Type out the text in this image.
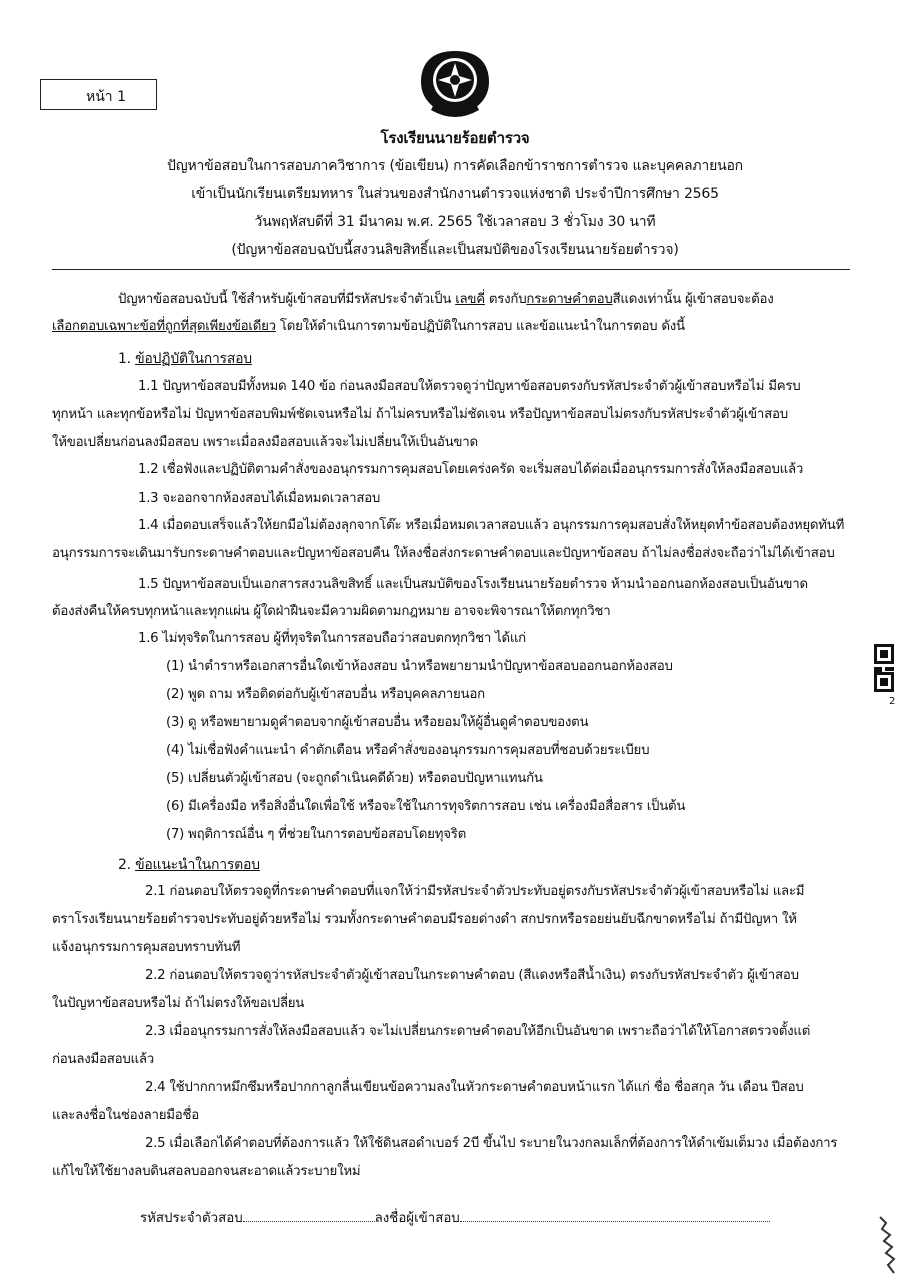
หน้า 1
โรงเรียนนายร้อยตำรวจ
ปัญหาข้อสอบในการสอบภาควิชาการ (ข้อเขียน) การคัดเลือกข้าราชการตำรวจ และบุคคลภายนอก
เข้าเป็นนักเรียนเตรียมทหาร ในส่วนของสำนักงานตำรวจแห่งชาติ ประจำปีการศึกษา 2565
วันพฤหัสบดีที่ 31 มีนาคม พ.ศ. 2565 ใช้เวลาสอบ 3 ชั่วโมง 30 นาที
(ปัญหาข้อสอบฉบับนี้สงวนลิขสิทธิ์และเป็นสมบัติของโรงเรียนนายร้อยตำรวจ)
ปัญหาข้อสอบฉบับนี้ ใช้สำหรับผู้เข้าสอบที่มีรหัสประจำตัวเป็น เลขคี่ ตรงกับกระดาษคำตอบสีแดงเท่านั้น ผู้เข้าสอบจะต้อง
เลือกตอบเฉพาะข้อที่ถูกที่สุดเพียงข้อเดียว โดยให้ดำเนินการตามข้อปฏิบัติในการสอบ และข้อแนะนำในการตอบ ดังนี้
1. ข้อปฏิบัติในการสอบ
1.1 ปัญหาข้อสอบมีทั้งหมด 140 ข้อ ก่อนลงมือสอบให้ตรวจดูว่าปัญหาข้อสอบตรงกับรหัสประจำตัวผู้เข้าสอบหรือไม่ มีครบ
ทุกหน้า และทุกข้อหรือไม่ ปัญหาข้อสอบพิมพ์ชัดเจนหรือไม่ ถ้าไม่ครบหรือไม่ชัดเจน หรือปัญหาข้อสอบไม่ตรงกับรหัสประจำตัวผู้เข้าสอบ
ให้ขอเปลี่ยนก่อนลงมือสอบ เพราะเมื่อลงมือสอบแล้วจะไม่เปลี่ยนให้เป็นอันขาด
1.2 เชื่อฟังและปฏิบัติตามคำสั่งของอนุกรรมการคุมสอบโดยเคร่งครัด จะเริ่มสอบได้ต่อเมื่ออนุกรรมการสั่งให้ลงมือสอบแล้ว
1.3 จะออกจากห้องสอบได้เมื่อหมดเวลาสอบ
1.4 เมื่อตอบเสร็จแล้วให้ยกมือไม่ต้องลุกจากโต๊ะ หรือเมื่อหมดเวลาสอบแล้ว อนุกรรมการคุมสอบสั่งให้หยุดทำข้อสอบต้องหยุดทันที
อนุกรรมการจะเดินมารับกระดาษคำตอบและปัญหาข้อสอบคืน ให้ลงชื่อส่งกระดาษคำตอบและปัญหาข้อสอบ ถ้าไม่ลงชื่อส่งจะถือว่าไม่ได้เข้าสอบ
1.5 ปัญหาข้อสอบเป็นเอกสารสงวนลิขสิทธิ์ และเป็นสมบัติของโรงเรียนนายร้อยตำรวจ ห้ามนำออกนอกห้องสอบเป็นอันขาด
ต้องส่งคืนให้ครบทุกหน้าและทุกแผ่น ผู้ใดฝ่าฝืนจะมีความผิดตามกฎหมาย อาจจะพิจารณาให้ตกทุกวิชา
1.6 ไม่ทุจริตในการสอบ ผู้ที่ทุจริตในการสอบถือว่าสอบตกทุกวิชา ได้แก่
(1) นำตำราหรือเอกสารอื่นใดเข้าห้องสอบ นำหรือพยายามนำปัญหาข้อสอบออกนอกห้องสอบ
(2) พูด ถาม หรือติดต่อกับผู้เข้าสอบอื่น หรือบุคคลภายนอก
(3) ดู หรือพยายามดูคำตอบจากผู้เข้าสอบอื่น หรือยอมให้ผู้อื่นดูคำตอบของตน
(4) ไม่เชื่อฟังคำแนะนำ คำตักเตือน หรือคำสั่งของอนุกรรมการคุมสอบที่ชอบด้วยระเบียบ
(5) เปลี่ยนตัวผู้เข้าสอบ (จะถูกดำเนินคดีด้วย) หรือตอบปัญหาแทนกัน
(6) มีเครื่องมือ หรือสิ่งอื่นใดเพื่อใช้ หรือจะใช้ในการทุจริตการสอบ เช่น เครื่องมือสื่อสาร เป็นต้น
(7) พฤติการณ์อื่น ๆ ที่ช่วยในการตอบข้อสอบโดยทุจริต
2. ข้อแนะนำในการตอบ
2.1 ก่อนตอบให้ตรวจดูที่กระดาษคำตอบที่แจกให้ว่ามีรหัสประจำตัวประทับอยู่ตรงกับรหัสประจำตัวผู้เข้าสอบหรือไม่ และมี
ตราโรงเรียนนายร้อยตำรวจประทับอยู่ด้วยหรือไม่ รวมทั้งกระดาษคำตอบมีรอยด่างดำ สกปรกหรือรอยย่นยับฉีกขาดหรือไม่ ถ้ามีปัญหา ให้
แจ้งอนุกรรมการคุมสอบทราบทันที
2.2 ก่อนตอบให้ตรวจดูว่ารหัสประจำตัวผู้เข้าสอบในกระดาษคำตอบ (สีแดงหรือสีน้ำเงิน) ตรงกับรหัสประจำตัว ผู้เข้าสอบ
ในปัญหาข้อสอบหรือไม่ ถ้าไม่ตรงให้ขอเปลี่ยน
2.3 เมื่ออนุกรรมการสั่งให้ลงมือสอบแล้ว จะไม่เปลี่ยนกระดาษคำตอบให้อีกเป็นอันขาด เพราะถือว่าได้ให้โอกาสตรวจตั้งแต่
ก่อนลงมือสอบแล้ว
2.4 ใช้ปากกาหมึกซึมหรือปากกาลูกลื่นเขียนข้อความลงในหัวกระดาษคำตอบหน้าแรก ได้แก่ ชื่อ ชื่อสกุล วัน เดือน ปีสอบ
และลงชื่อในช่องลายมือชื่อ
2.5 เมื่อเลือกได้คำตอบที่ต้องการแล้ว ให้ใช้ดินสอดำเบอร์ 2บี ขึ้นไป ระบายในวงกลมเล็กที่ต้องการให้ดำเข้มเต็มวง เมื่อต้องการ
แก้ไขให้ใช้ยางลบดินสอลบออกจนสะอาดแล้วระบายใหม่
รหัสประจำตัวสอบ	ลงชื่อผู้เข้าสอบ
2
